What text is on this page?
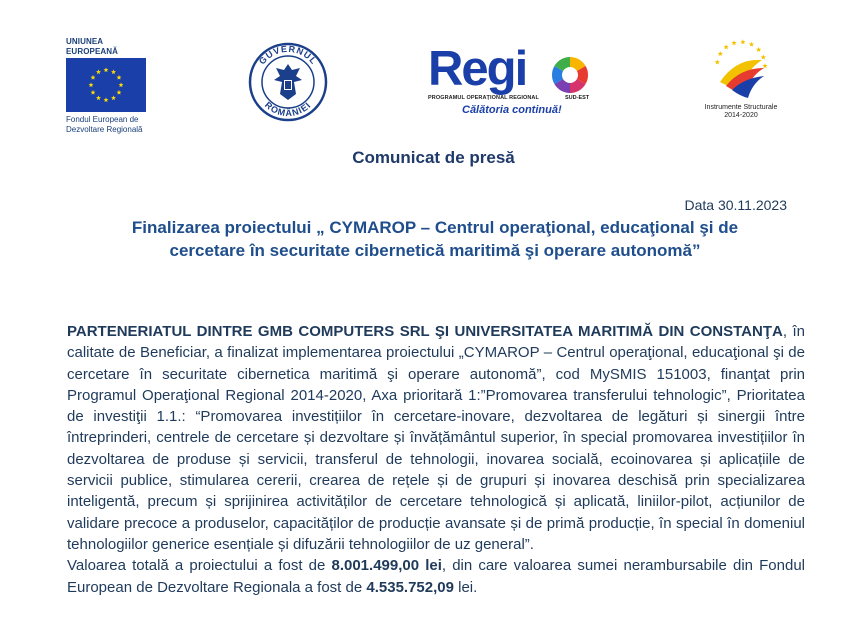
UNIUNEA EUROPEANĂ
Fondul European de
Dezvoltare Regională
GUVERNUL
ROMÂNIEI
Regi
PROGRAMUL OPERAȚIONAL REGIONAL	SUD-EST
Călătoria continuă!	Instrumente Structurale
2014-2020
Comunicat de presă
Data 30.11.2023
Finalizarea proiectului „ CYMAROP – Centrul operaţional, educaţional şi de
cercetare în securitate cibernetică maritimă şi operare autonomă”

PARTENERIATUL DINTRE GMB COMPUTERS SRL ŞI UNIVERSITATEA MARITIMĂ DIN CONSTANŢA, în calitate de Beneficiar, a finalizat implementarea proiectului „CYMAROP – Centrul operaţional, educaţional şi de cercetare în securitate cibernetica maritimă şi operare autonomă”, cod MySMIS 151003, finanţat prin Programul Operaţional Regional 2014-2020, Axa prioritară 1:”Promovarea transferului tehnologic”, Prioritatea de investiţii 1.1.: “Promovarea investițiilor în cercetare-inovare, dezvoltarea de legături și sinergii între întreprinderi, centrele de cercetare și dezvoltare și învățământul superior, în special promovarea investițiilor în dezvoltarea de produse și servicii, transferul de tehnologii, inovarea socială, ecoinovarea și aplicațiile de servicii publice, stimularea cererii, crearea de rețele și de grupuri și inovarea deschisă prin specializarea inteligentă, precum și sprijinirea activităților de cercetare tehnologică și aplicată, liniilor-pilot, acțiunilor de validare precoce a produselor, capacităților de producție avansate și de primă producție, în special în domeniul tehnologiilor generice esențiale și difuzării tehnologiilor de uz general”.

Valoarea totală a proiectului a fost de 8.001.499,00 lei, din care valoarea sumei nerambursabile din Fondul European de Dezvoltare Regionala a fost de 4.535.752,09 lei.
